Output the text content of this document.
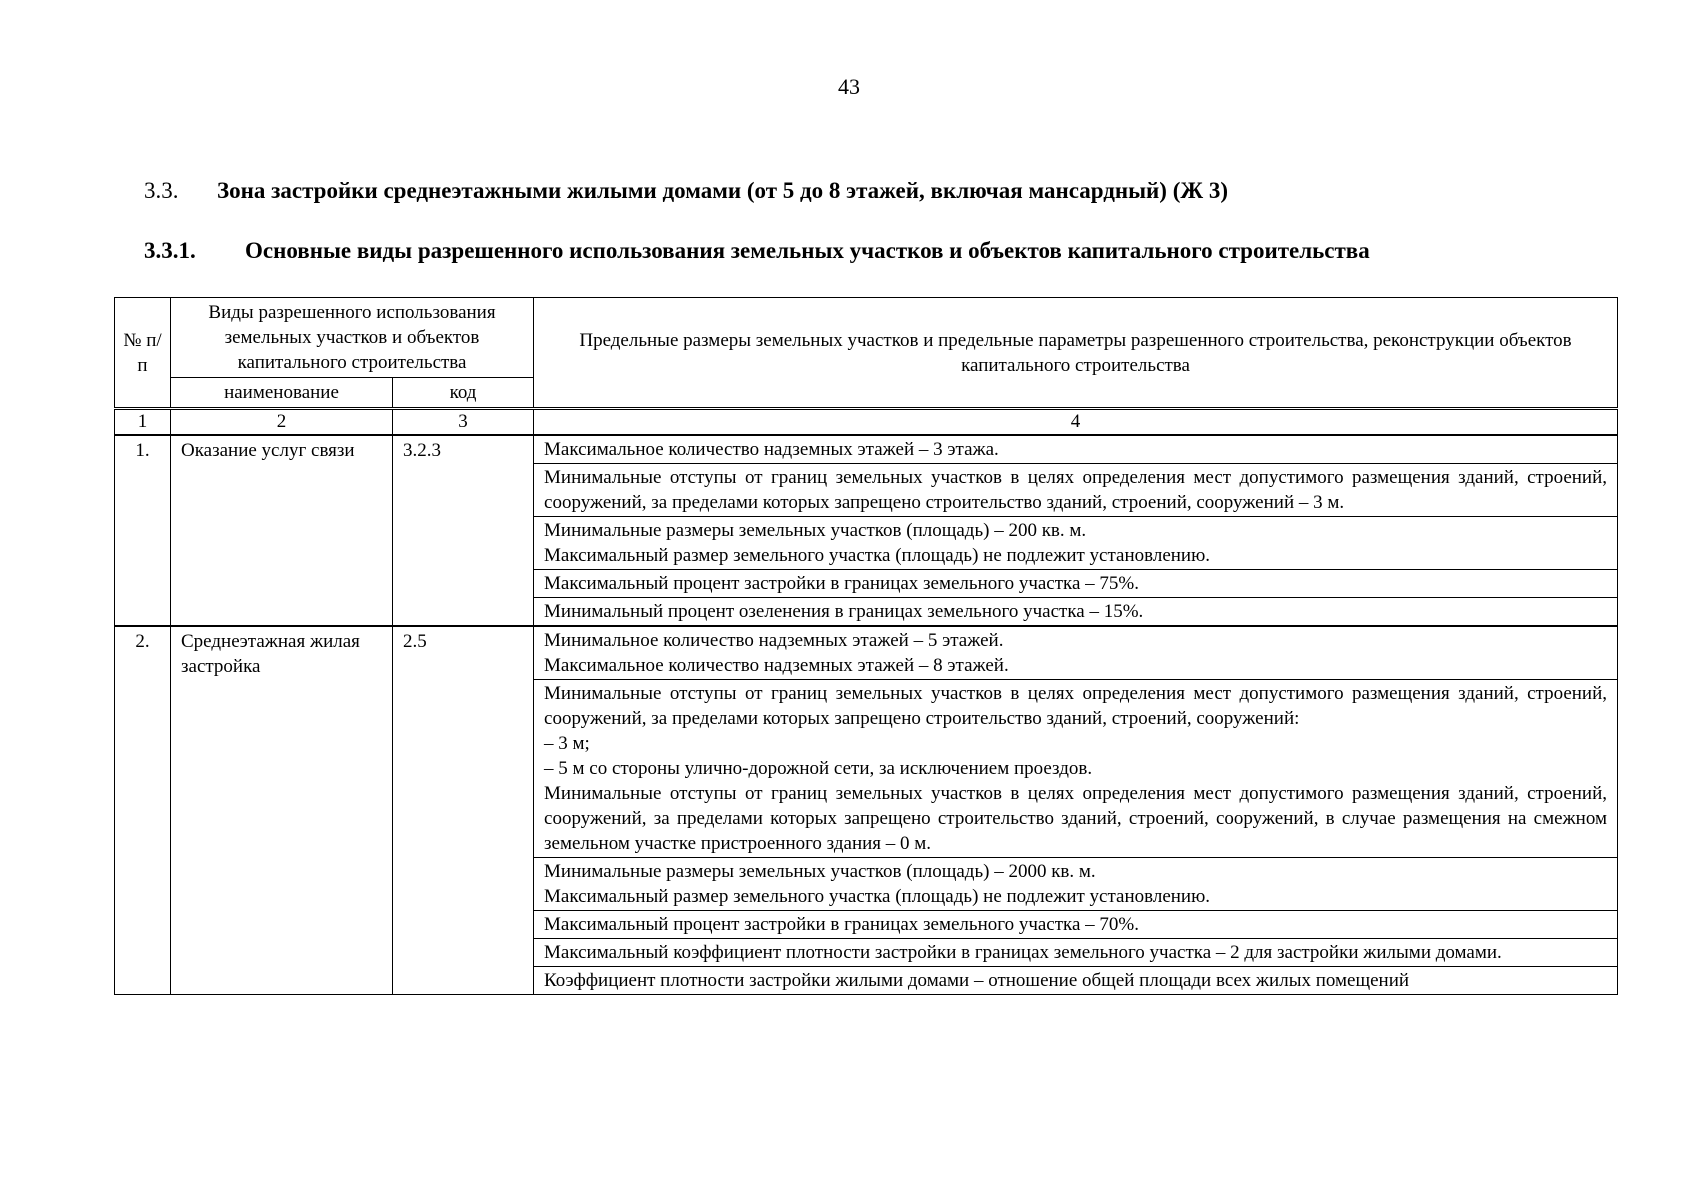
43
3.3.	Зона застройки среднеэтажными жилыми домами (от 5 до 8 этажей, включая мансардный) (Ж 3)
3.3.1.	Основные виды разрешенного использования земельных участков и объектов капитального строительства
№ п/п	Виды разрешенного использования земельных участков и объектов капитального строительства		Предельные размеры земельных участков и предельные параметры разрешенного строительства, реконструкции объектов капитального строительства
	наименование	код	
1	2	3	4
1.	Оказание услуг связи	3.2.3	Максимальное количество надземных этажей – 3 этажа.

			Минимальные отступы от границ земельных участков в целях определения мест допустимого размещения зданий, строений, сооружений, за пределами которых запрещено строительство зданий, строений, сооружений – 3 м.

			Минимальные размеры земельных участков (площадь) – 200 кв. м.
Максимальный размер земельного участка (площадь) не подлежит установлению.

			Максимальный процент застройки в границах земельного участка – 75%.

			Минимальный процент озеленения в границах земельного участка – 15%.

2.	Среднеэтажная жилая застройка	2.5	Минимальное количество надземных этажей – 5 этажей.
Максимальное количество надземных этажей – 8 этажей.

			Минимальные отступы от границ земельных участков в целях определения мест допустимого размещения зданий, строений, сооружений, за пределами которых запрещено строительство зданий, строений, сооружений:
– 3 м;
– 5 м со стороны улично-дорожной сети, за исключением проездов.
Минимальные отступы от границ земельных участков в целях определения мест допустимого размещения зданий, строений, сооружений, за пределами которых запрещено строительство зданий, строений, сооружений, в случае размещения на смежном земельном участке пристроенного здания – 0 м.

			Минимальные размеры земельных участков (площадь) – 2000 кв. м.
Максимальный размер земельного участка (площадь) не подлежит установлению.

			Максимальный процент застройки в границах земельного участка – 70%.

			Максимальный коэффициент плотности застройки в границах земельного участка – 2 для застройки жилыми домами.

			Коэффициент плотности застройки жилыми домами – отношение общей площади всех жилых помещений
